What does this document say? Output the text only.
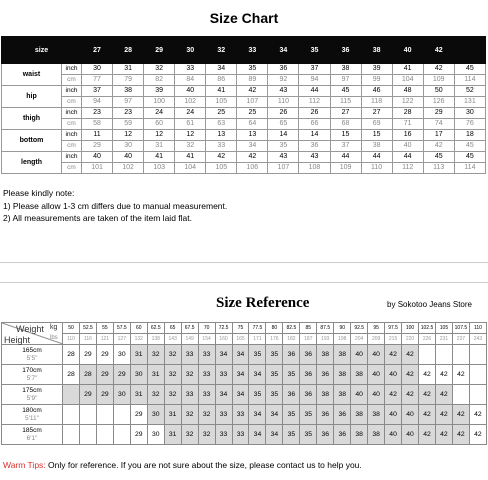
Size Chart
size		27	28	29	30	32	33	34	35	36	38	40	42	
waist	inch	30	31	32	33	34	35	36	37	38	39	41	42	45
	cm	77	79	82	84	86	89	92	94	97	99	104	109	114
hip	inch	37	38	39	40	41	42	43	44	45	46	48	50	52
	cm	94	97	100	102	105	107	110	112	115	118	122	126	131
thigh	inch	23	23	24	24	25	25	26	26	27	27	28	29	30
	cm	58	59	60	61	63	64	65	66	68	69	71	74	76
bottom	inch	11	12	12	12	13	13	14	14	15	15	16	17	18
	cm	29	30	31	32	33	34	35	36	37	38	40	42	45
length	inch	40	40	41	41	42	42	43	43	44	44	44	45	45
	cm	101	102	103	104	105	106	107	108	109	110	112	113	114
Please kindly note:
1) Please allow 1-3 cm differs due to manual measurement.
2) All measurements are taken of the item laid flat.
Size Reference	by Sokotoo Jeans Store
Weight kg
Height lbs	50	52.5	55	57.5	60	62.5	65	67.5	70	72.5	75	77.5	80	82.5	85	87.5	90	92.5	95	97.5	100	102.5	105	107.5	110
	110	116	121	127	132	138	143	149	154	160	165	171	176	182	187	193	198	204	209	215	220	226	231	237	243

165cm
5'5"	28	29	29	30	31	32	32	33	33	34	34	35	35	36	36	38	38	40	40	42	42				

170cm
5'7"	28	28	29	29	30	31	32	32	33	33	34	34	35	35	36	36	38	38	40	40	42	42	42	42	

175cm
5'9"		29	29	30	31	32	32	33	33	34	34	35	35	36	36	38	38	40	40	42	42	42	42		

180cm
5'11"					29	30	31	32	32	33	33	34	34	35	35	36	36	38	38	40	40	42	42	42	42

185cm
6'1"					29	30	31	32	32	33	33	34	34	35	35	36	36	38	38	40	40	42	42	42	42
Warm Tips: Only for reference. If you are not sure about the size, please contact us to help you.
